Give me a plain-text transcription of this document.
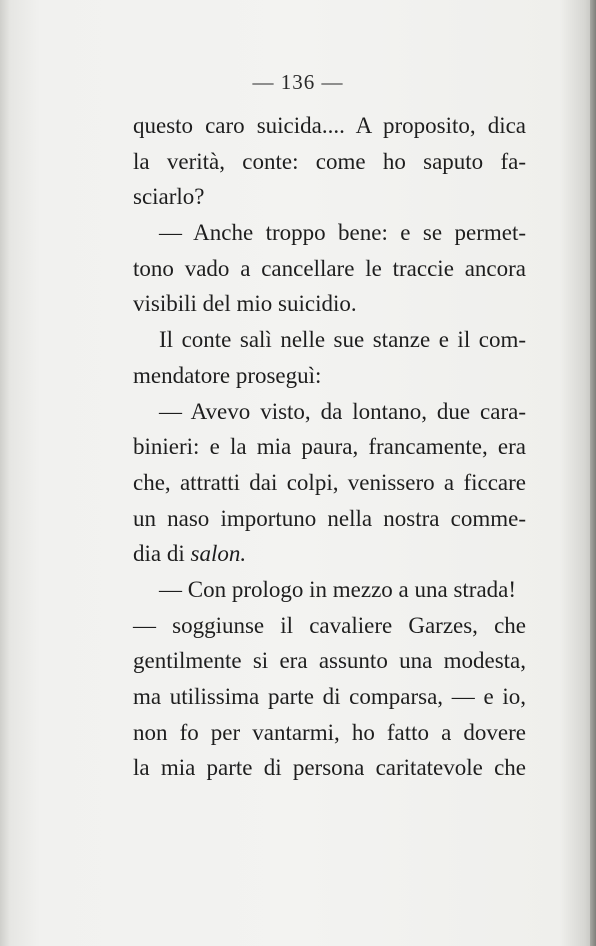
— 136 —
questo caro suicida.... A proposito, dica
la verità, conte: come ho saputo fa-
sciarlo?
— Anche troppo bene: e se permet-
tono vado a cancellare le traccie ancora
visibili del mio suicidio.
Il conte salì nelle sue stanze e il com-
mendatore proseguì:
— Avevo visto, da lontano, due cara-
binieri: e la mia paura, francamente, era
che, attratti dai colpi, venissero a ficcare
un naso importuno nella nostra comme-
dia di salon.
— Con prologo in mezzo a una strada!
— soggiunse il cavaliere Garzes, che
gentilmente si era assunto una modesta,
ma utilissima parte di comparsa, — e io,
non fo per vantarmi, ho fatto a dovere
la mia parte di persona caritatevole che
